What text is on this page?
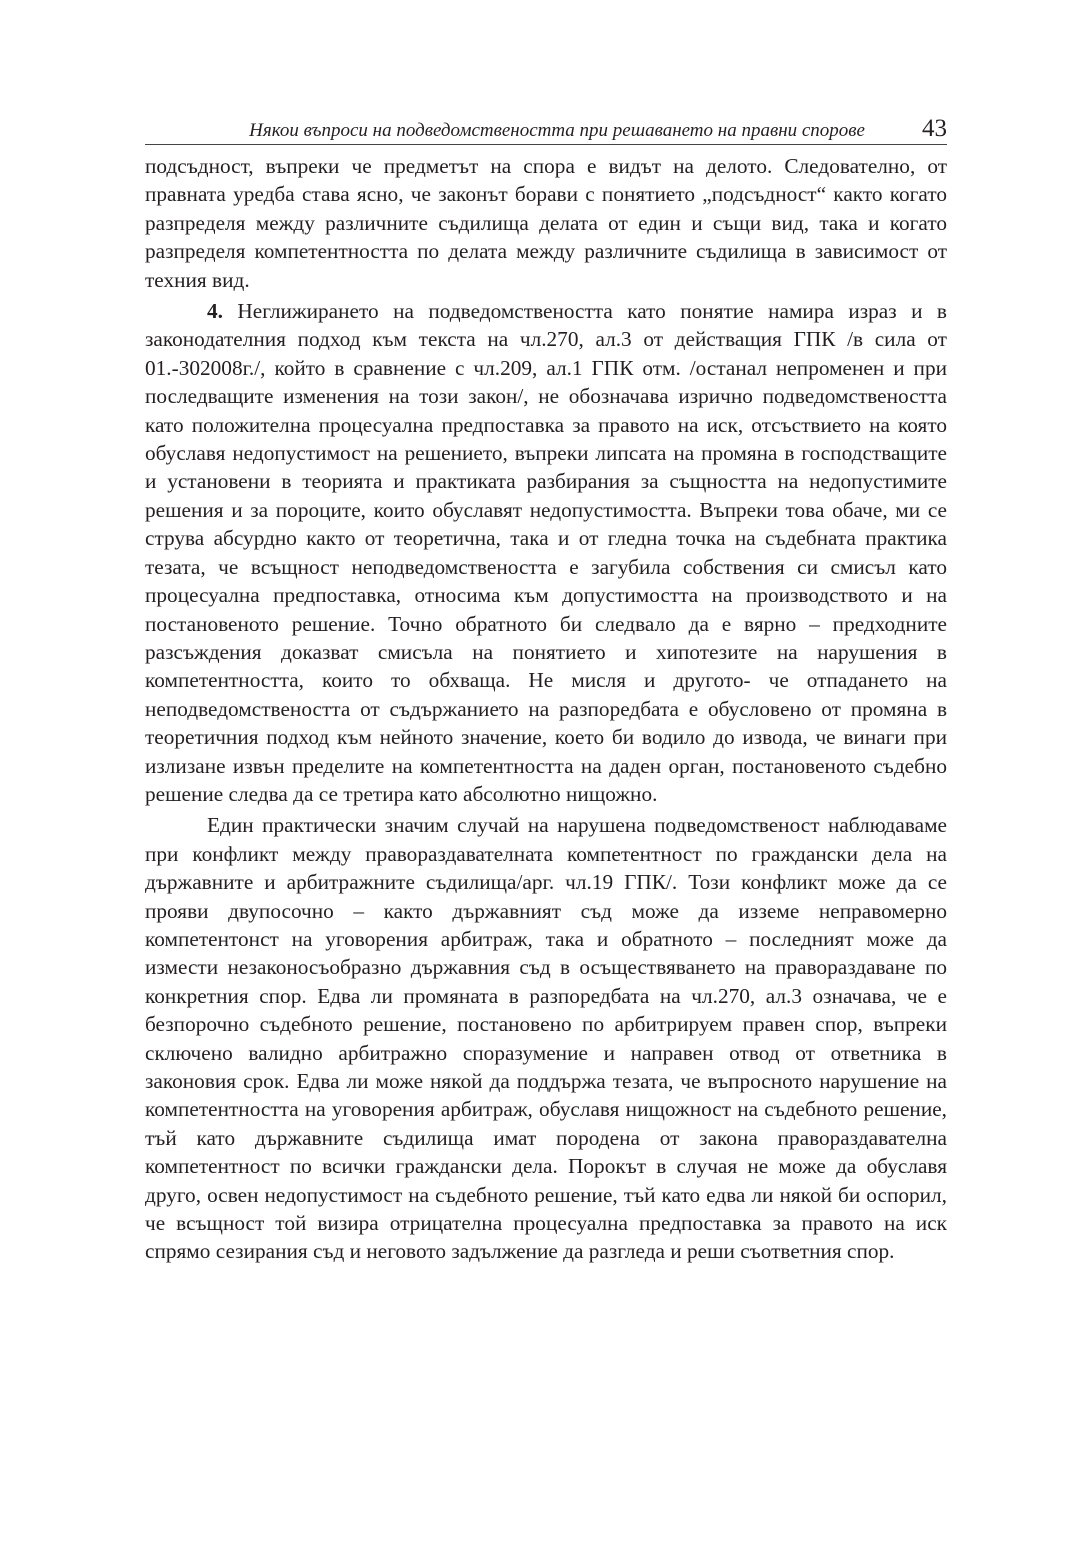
Някои въпроси на подведомствеността при решаването на правни спорове 43

подсъдност, въпреки че предметът на спора е видът на делото. Следователно, от правната уредба става ясно, че законът борави с понятието „подсъдност“ както когато разпределя между различните съдилища делата от един и същи вид, така и когато разпределя компетентността по делата между различните съдилища в зависимост от техния вид.

4. Неглижирането на подведомствеността като понятие намира израз и в законодателния подход към текста на чл.270, ал.3 от действащия ГПК /в сила от 01.-302008г./, който в сравнение с чл.209, ал.1 ГПК отм. /останал непроменен и при последващите изменения на този закон/, не обозначава изрично подведомствеността като положителна процесуална предпоставка за правото на иск, отсъствието на която обуславя недопустимост на решението, въпреки липсата на промяна в господстващите и установени в теорията и практиката разбирания за същността на недопустимите решения и за пороците, които обуславят недопустимостта. Въпреки това обаче, ми се струва абсурдно както от теоретична, така и от гледна точка на съдебната практика тезата, че всъщност неподведомствеността е загубила собствения си смисъл като процесуална предпоставка, относима към допустимостта на производството и на постановеното решение. Точно обратното би следвало да е вярно – предходните разсъждения доказват смисъла на понятието и хипотезите на нарушения в компетентността, които то обхваща. Не мисля и другото- че отпадането на неподведомствеността от съдържанието на разпоредбата е обусловено от промяна в теоретичния подход към нейното значение, което би водило до извода, че винаги при излизане извън пределите на компетентността на даден орган, постановеното съдебно решение следва да се третира като абсолютно нищожно.

Един практически значим случай на нарушена подведомственост наблюдаваме при конфликт между правораздавателната компетентност по граждански дела на държавните и арбитражните съдилища/арг. чл.19 ГПК/. Този конфликт може да се прояви двупосочно – както държавният съд може да изземе неправомерно компетентонст на уговорения арбитраж, така и обратното – последният може да измести незаконосъобразно държавния съд в осъществяването на правораздаване по конкретния спор. Едва ли промяната в разпоредбата на чл.270, ал.3 означава, че е безпорочно съдебното решение, постановено по арбитрируем правен спор, въпреки сключено валидно арбитражно споразумение и направен отвод от ответника в законовия срок. Едва ли може някой да поддържа тезата, че въпросното нарушение на компетентността на уговорения арбитраж, обуславя нищожност на съдебното решение, тъй като държавните съдилища имат породена от закона правораздавателна компетентност по всички граждански дела. Порокът в случая не може да обуславя друго, освен недопустимост на съдебното решение, тъй като едва ли някой би оспорил, че всъщност той визира отрицателна процесуална предпоставка за правото на иск спрямо сезирания съд и неговото задължение да разгледа и реши съответния спор.
